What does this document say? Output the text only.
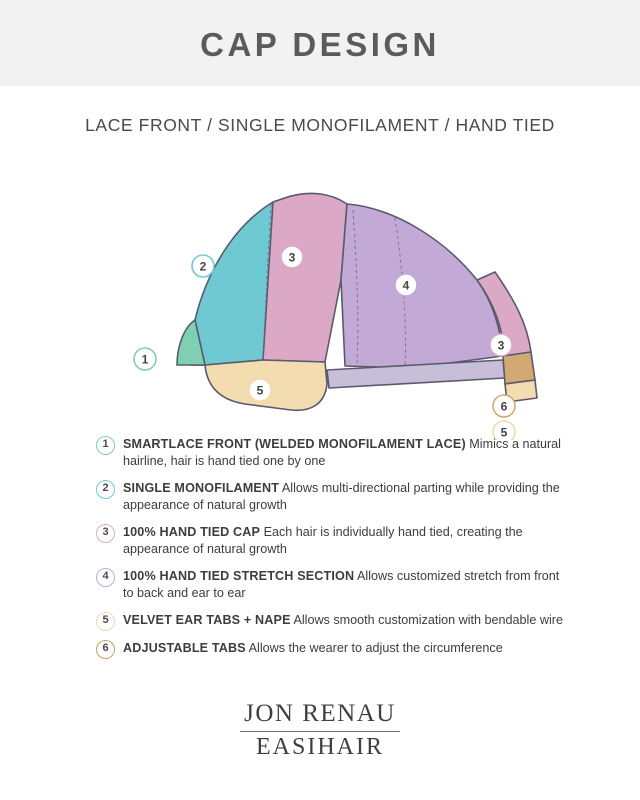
CAP DESIGN
LACE FRONT / SINGLE MONOFILAMENT / HAND TIED
1
2
3
4
3
5
6
5
1	SMARTLACE FRONT (WELDED MONOFILAMENT LACE) Mimics a natural hairline, hair is hand tied one by one
2	SINGLE MONOFILAMENT Allows multi-directional parting while providing the appearance of natural growth
3	100% HAND TIED CAP Each hair is individually hand tied, creating the appearance of natural growth
4	100% HAND TIED STRETCH SECTION Allows customized stretch from front to back and ear to ear
5	VELVET EAR TABS + NAPE Allows smooth customization with bendable wire
6	ADJUSTABLE TABS Allows the wearer to adjust the circumference
JON RENAU
EASIHAIR
